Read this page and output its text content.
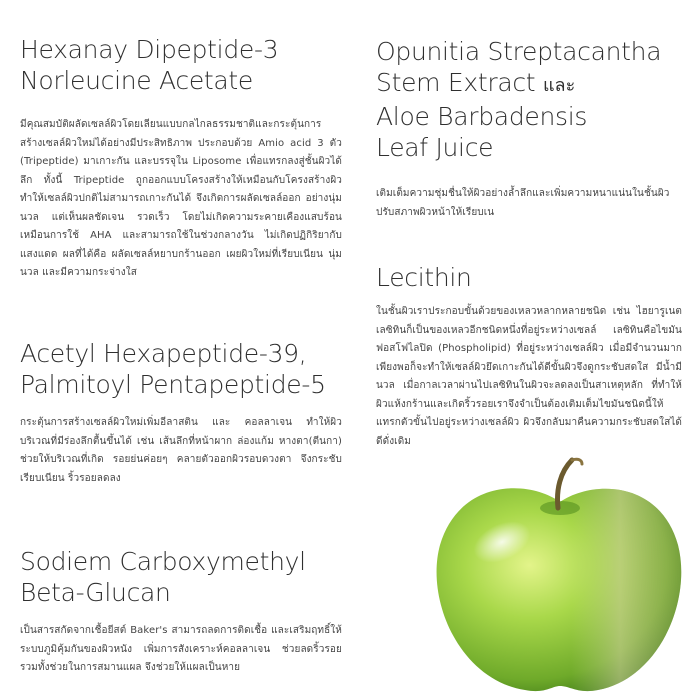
Hexanay Dipeptide-3
Norleucine Acetate

มีคุณสมบัติผลัดเซลล์ผิวโดยเลียนแบบกลไกลธรรมชาติและกระตุ้นการสร้างเซลล์ผิวใหม่ได้อย่างมีประสิทธิภาพ ประกอบด้วย Amio acid 3 ตัว (Tripeptide) มาเกาะกัน และบรรจุใน Liposome เพื่อแทรกลงสู่ชั้นผิวได้ลึก ทั้งนี้ Tripeptide ถูกออกแบบโครงสร้างให้เหมือนกับโครงสร้างผิว ทำให้เซลล์ผิวปกติไม่สามารถเกาะกันได้ จึงเกิดการผลัดเซลล์ออก อย่างนุ่มนวล แต่เห็นผลชัดเจน รวดเร็ว โดยไม่เกิดความระคายเคืองแสบร้อนเหมือนการใช้ AHA และสามารถใช้ในช่วงกลางวัน ไม่เกิดปฏิกิริยากับแสงแดด ผลที่ได้คือ ผลัดเซลล์หยาบกร้านออก เผยผิวใหม่ที่เรียบเนียน นุ่มนวล และมีความกระจ่างใส

Acetyl Hexapeptide-39,
Palmitoyl Pentapeptide-5

กระตุ้นการสร้างเซลล์ผิวใหม่เพิ่มอีลาสติน และ คอลลาเจน ทำให้ผิว บริเวณที่มีร่องลึกตื้นขึ้นได้ เช่น เส้นลึกที่หน้าผาก ล่องแก้ม หางตา(ตีนกา) ช่วยให้บริเวณที่เกิด รอยย่นค่อยๆ คลายตัวออกผิวรอบดวงตา จึงกระชับ เรียบเนียน ริ้วรอยลดลง

Sodiem Carboxymethyl
Beta-Glucan

เป็นสารสกัดจากเชื้อยีสต์ Baker's สามารถลดการติดเชื้อ และเสริมฤทธิ์ให้ระบบภูมิคุ้มกันของผิวหนัง เพิ่มการสังเคราะห์คอลลาเจน ช่วยลดริ้วรอยรวมทั้งช่วยในการสมานแผล จึงช่วยให้แผลเป็นหาย

Opunitia Streptacantha
Stem Extract และ
Aloe Barbadensis
Leaf Juice

เติมเต็มความชุ่มชื่นให้ผิวอย่างล้ำลึกและเพิ่มความหนาแน่นในชั้นผิว ปรับสภาพผิวหน้าให้เรียบเน

Lecithin

ในชั้นผิวเราประกอบขั้นด้วยของเหลวหลากหลายชนิด เช่น ไฮยารูเนตเลซิทินก็เป็นของเหลวอีกชนิดหนึ่งที่อยู่ระหว่างเซลล์ เลซิทินคือไขมันฟอสโฟไลปิด (Phospholipid) ที่อยู่ระหว่างเซลล์ผิว เมื่อมีจำนวนมากเพียงพอก็จะทำให้เซลล์ผิวยึดเกาะกันได้ดีขั้นผิวจึงดูกระชับสดใส มีน้ำมีนวล เมื่อกาลเวลาผ่านไปเลซิทินในผิวจะลดลงเป็นสาเหตุหลัก ที่ทำให้ผิวแห้งกร้านและเกิดริ้วรอยเราจึงจำเป็นต้องเติมเต็มไขมันชนิดนี้ให้แทรกตัวขั้นไปอยู่ระหว่างเซลล์ผิว ผิวจึงกลับมาคืนความกระชับสดใสได้ดีดั่งเดิม
